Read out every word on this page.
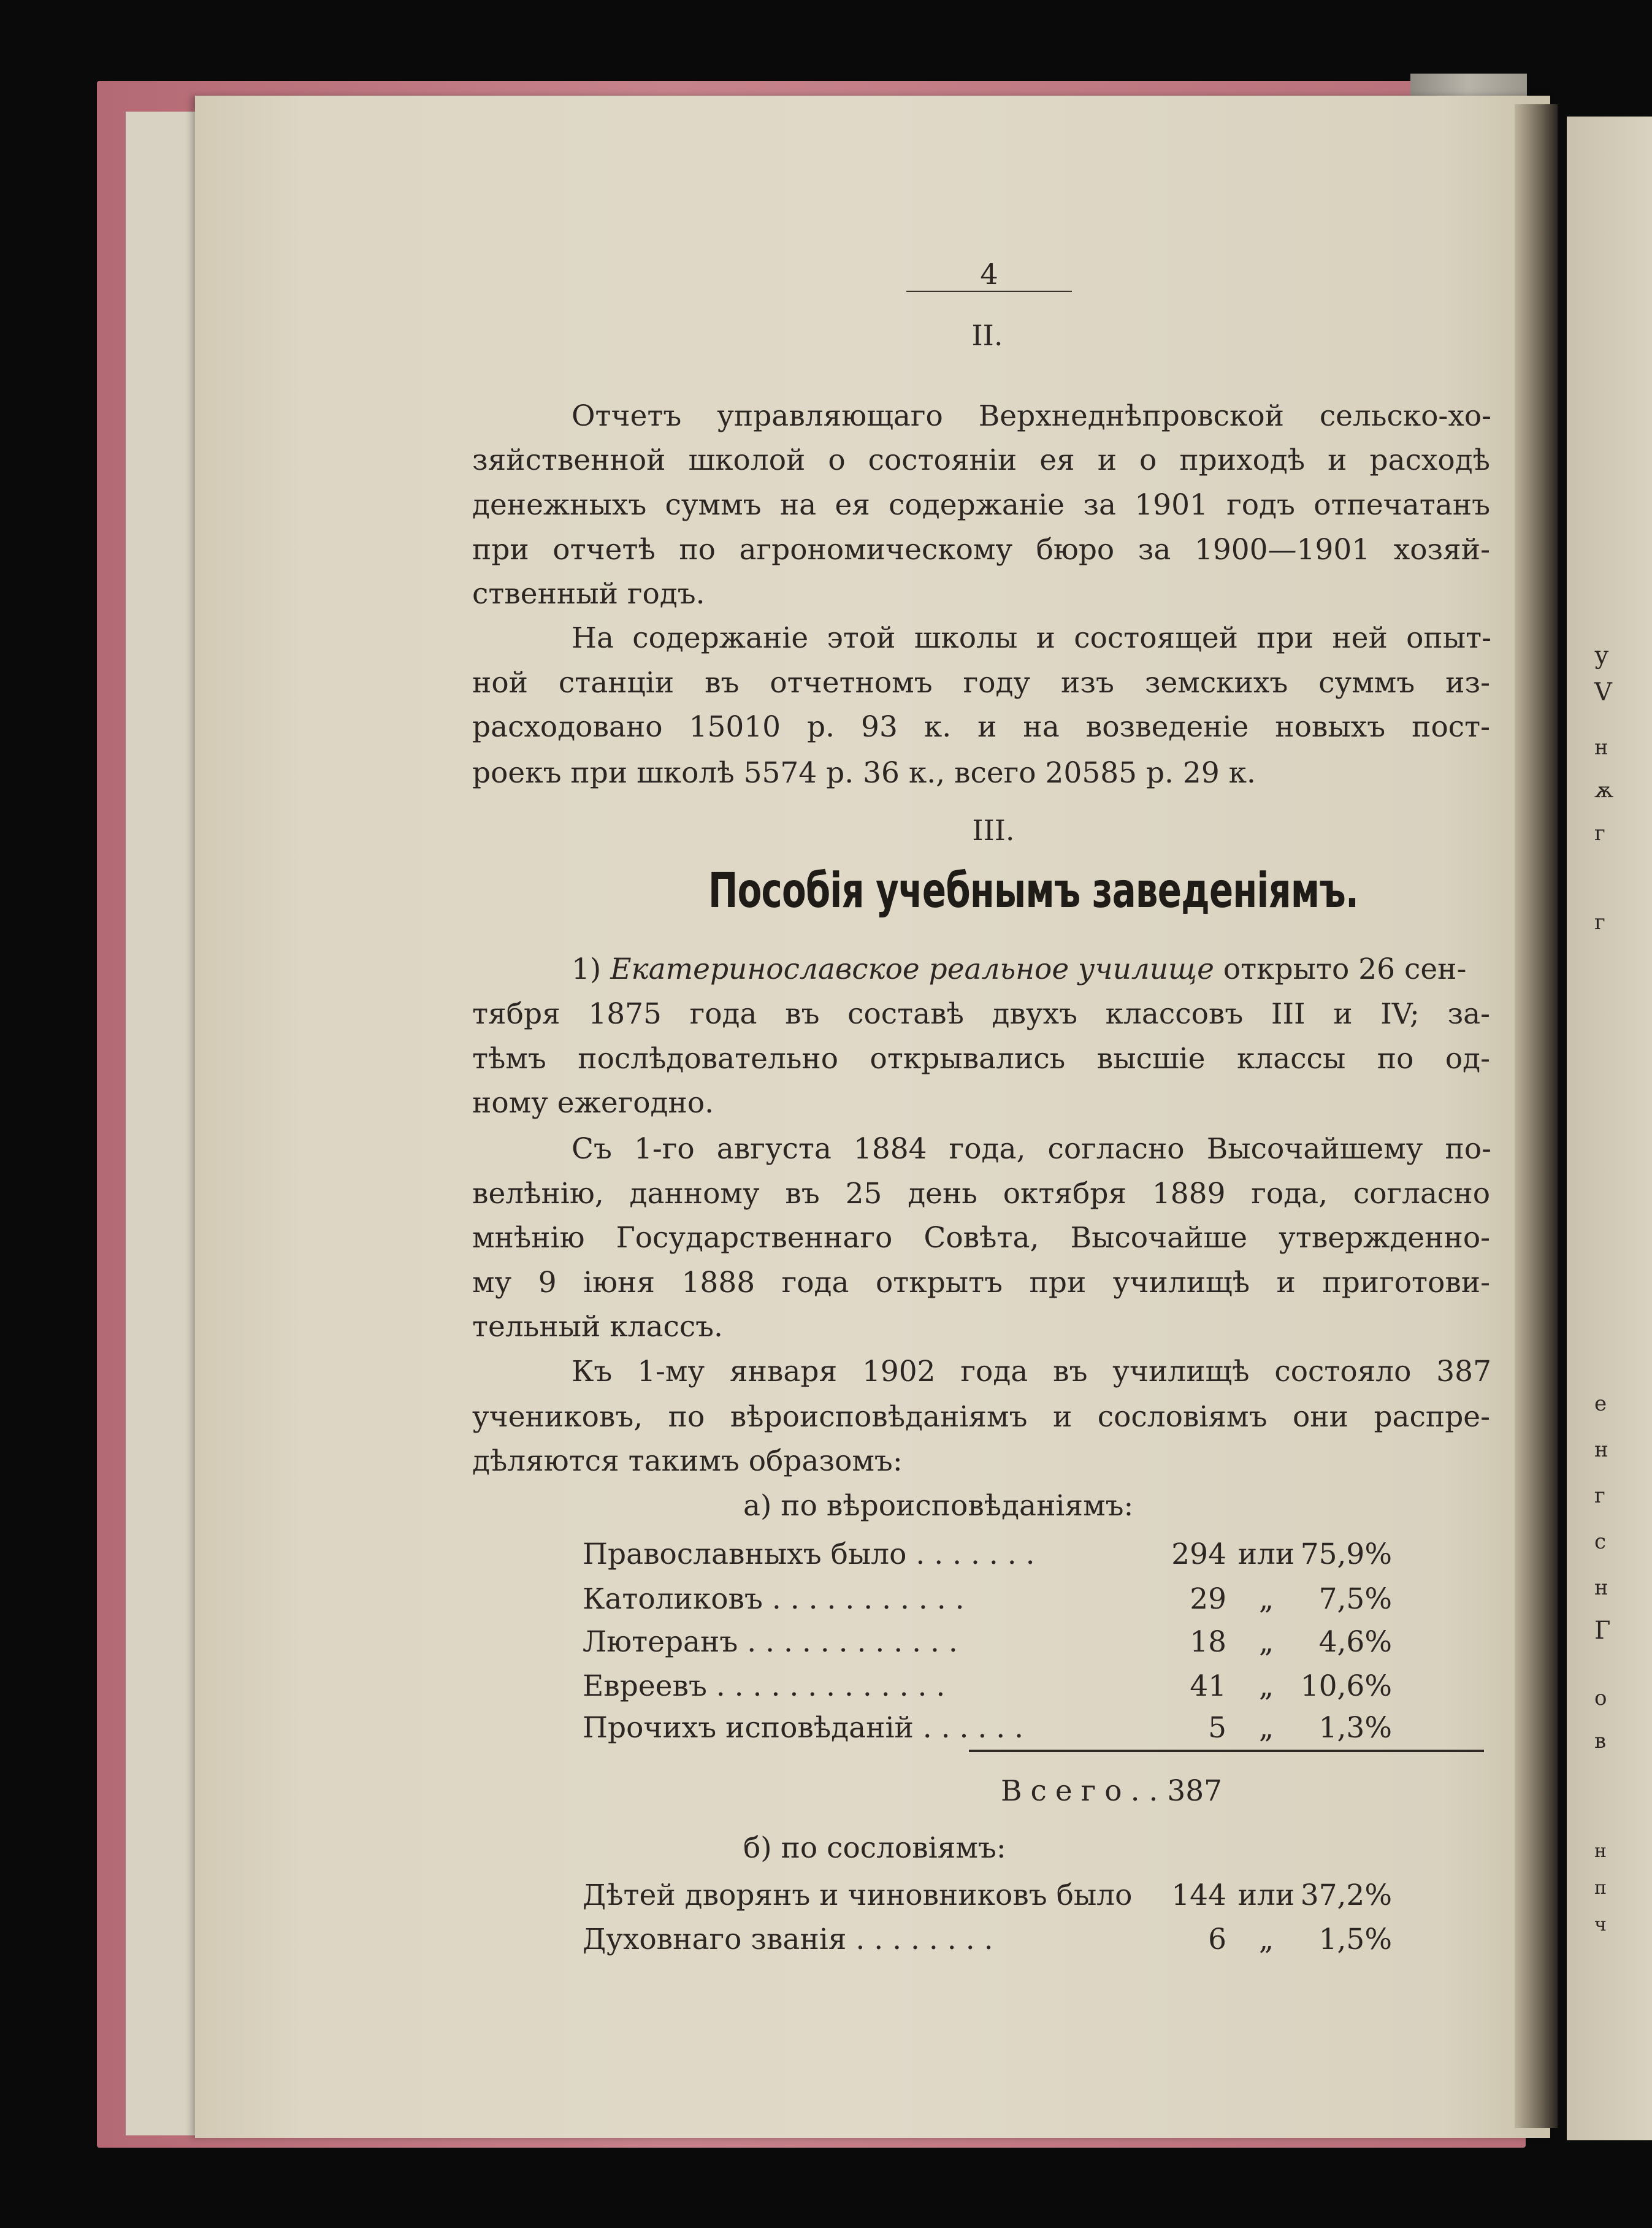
у
V
н
ѫ
г
г
е
н
г
с
н
Г
о
в
н
п
ч
4
II.
Отчетъ управляющаго Верхнеднѣпровской сельско-хо-
зяйственной школой о состояніи ея и о приходѣ и расходѣ
денежныхъ суммъ на ея содержаніе за 1901 годъ отпечатанъ
при отчетѣ по агрономическому бюро за 1900—1901 хозяй-
ственный годъ.
На содержаніе этой школы и состоящей при ней опыт-
ной станціи въ отчетномъ году изъ земскихъ суммъ из-
расходовано 15010 р. 93 к. и на возведеніе новыхъ пост-
роекъ при школѣ 5574 р. 36 к., всего 20585 р. 29 к.
III.
Пособія учебнымъ заведеніямъ.
1) Екатеринославское реальное училище открыто 26 сен-
тября 1875 года въ составѣ двухъ классовъ III и IV; за-
тѣмъ послѣдовательно открывались высшіе классы по од-
ному ежегодно.
Съ 1-го августа 1884 года, согласно Высочайшему по-
велѣнію, данному въ 25 день октября 1889 года, согласно
мнѣнію Государственнаго Совѣта, Высочайше утвержденно-
му 9 іюня 1888 года открытъ при училищѣ и приготови-
тельный классъ.
Къ 1-му января 1902 года въ училищѣ состояло 387
учениковъ, по вѣроисповѣданіямъ и сословіямъ они распре-
дѣляются такимъ образомъ:
а) по вѣроисповѣданіямъ:
Православныхъ было . . . . . . .	294 или 75,9%
Католиковъ . . . . . . . . . . .	29	„	7,5%
Лютеранъ . . . . . . . . . . . .	18	„	4,6%
Евреевъ . . . . . . . . . . . . .	41	„ 10,6%
Прочихъ исповѣданій . . . . . .	5	„	1,3%
Всего. . 387
б) по сословіямъ:
Дѣтей дворянъ и чиновниковъ было 144 или 37,2%
Духовнаго званія . . . . . . . .	6	„	1,5%
